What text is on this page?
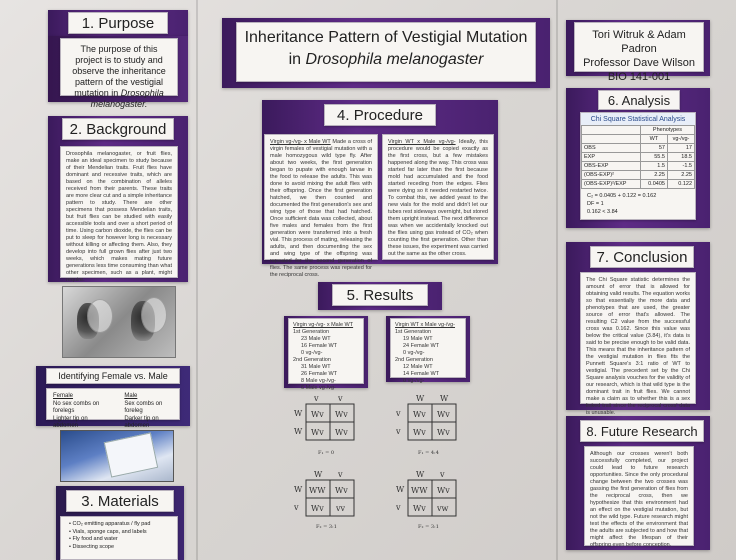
1. Purpose
The purpose of this project is to study and observe the inheritance pattern of the vestigial mutation in Drosophila melanogaster.
2. Background
Drosophila melanogaster, or fruit flies, make an ideal specimen to study because of their Mendelian traits. Fruit flies have dominant and recessive traits, which are based on the combination of alleles received from their parents. These traits are more clear cut and a simple inheritance pattern to study. There are other specimens that possess Mendelian traits, but fruit flies can be studied with easily accessible tools and over a short period of time. Using carbon dioxide, the flies can be put to sleep for however long is necessary without killing or affecting them. Also, they develop into full grown flies after just two weeks, which makes mating future generations less time consuming than what other specimen, such as a plant, might require.
Identifying Female vs. Male
Female
No sex combs on forelegs
Lighter tip on abdomen
Male
Sex combs on foreleg
Darker tip on abdomen
3. Materials
• CO₂ emitting apparatus / fly pad
• Vials, sponge caps, and labels
• Fly food and water
• Dissecting scope
Inheritance Pattern of Vestigial Mutation
in Drosophila melanogaster
4. Procedure
Virgin vg-/vg- x Male WT Made a cross of virgin females of vestigial mutation with a male homozygous wild type fly. After about two weeks, the first generation began to pupate with enough larvae in the food to release the adults. This was done to avoid mixing the adult flies with their offspring. Once the first generation hatched, we then counted and documented the first generation's sex and wing type of those that had hatched. Once sufficient data was collected, about five males and females from the first generation were transferred into a fresh vial. This process of mating, releasing the adults, and then documenting the sex and wing type of the offspring was repeated for the second generation of flies. The same process was repeated for the reciprocal cross.
Virgin WT x Male vg-/vg- Ideally, this procedure would be copied exactly as the first cross, but a few mistakes happened along the way. This cross was started far later than the first because mold had accumulated and the food started receding from the edges. Flies were dying so it needed restarted twice. To combat this, we added yeast to the new vials for the mold and didn't let our tubes rest sideways overnight, but stored them upright instead. The next difference was when we accidentally knocked out the flies using gas instead of CO₂ when counting the first generation. Other than these issues, the experiment was carried out the same as the other cross.
5. Results
Virgin vg-/vg- x Male WT
1st Generation
23 Male WT
16 Female WT
0 vg-/vg-
2nd Generation
31 Male WT
26 Female WT
8 Male vg-/vg-
6 Male vg-/vg-
Virgin WT x Male vg-/vg-
1st Generation
19 Male WT
24 Female WT
0 vg-/vg-
2nd Generation
12 Male WT
14 Female WT
0 vg-/vg-
v v
W
W
Wv Wv
Wv Wv
F₁ = 0
W W
v
v
Wv Wv
Wv Wv
F₁ = 4:4
W v
W
v
WW Wv
Wv vv
F₂ = 3:1
W v
W
v
WW Wv
Wv vw
F₂ = 3:1
Tori Witruk & Adam Padron
Professor Dave Wilson
BIO 141-001
6. Analysis
Chi Square Statistical Analysis
	Phenotypes	
	WT	vg-/vg-
OBS	57	17
EXP	55.5	18.5
OBS-EXP	1.5	-1.5
(OBS-EXP)²	2.25	2.25
(OBS-EXP)²/EXP	0.0405	0.122
C₂ = 0.0405 + 0.122 = 0.162
DF = 1
0.162 < 3.84
7. Conclusion
The Chi Square statistic determines the amount of error that is allowed for obtaining valid results. The equation works so that essentially the more data and phenotypes that are used, the greater source of error that's allowed. The resulting C2 value from the successful cross was 0.162. Since this value was below the critical value (3.84), it's data is said to be precise enough to be valid data. This means that the inheritance pattern of the vestigial mutation in flies fits the Punnett Square's 3:1 ratio of WT to vestigial. The precedent set by the Chi Square analysis vouches for the validity of our research, which is that wild type is the dominant trait in fruit flies. We cannot make a claim as to whether this is a sex linked trait since the reciprocal cross' data is unusable.
8. Future Research
Although our crosses weren't both successfully completed, our project could lead to future research opportunities. Since the only procedural change between the two crosses was gassing the first generation of flies from the reciprocal cross, then we hypothesize that this environment had an effect on the vestigial mutation, but not the wild type. Future research might test the effects of the environment that the adults are subjected to and how that might affect the lifespan of their offspring even before conception.
